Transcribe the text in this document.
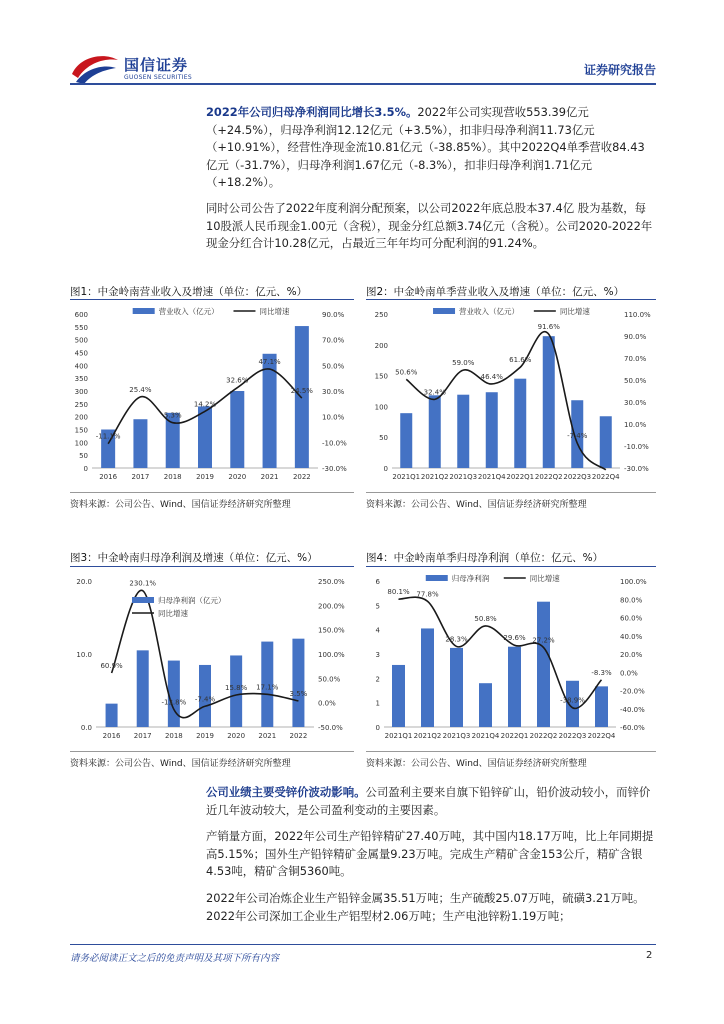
国信证券
GUOSEN SECURITIES
证券研究报告
2022年公司归母净利润同比增长3.5%。2022年公司实现营收553.39亿元（+24.5%），归母净利润12.12亿元（+3.5%），扣非归母净利润11.73亿元（+10.91%），经营性净现金流10.81亿元（-38.85%）。其中2022Q4单季营收84.43亿元（-31.7%），归母净利润1.67亿元（-8.3%），扣非归母净利润1.71亿元（+18.2%）。
同时公司公告了2022年度利润分配预案，以公司2022年底总股本37.4亿 股为基数，每10股派人民币现金1.00元（含税），现金分红总额3.74亿元（含税）。公司2020-2022年现金分红合计10.28亿元，占最近三年年均可分配利润的91.24%。
图1：中金岭南营业收入及增速（单位：亿元、%）	图2：中金岭南单季营业收入及增速（单位：亿元、%）
0
50
100
150
200
250
300
350
400
450
500
550
600
-30.0%
-10.0%
10.0%
30.0%
50.0%
70.0%
90.0%
2016 2017 2018 2019 2020 2021 2022
-11.1%
25.4%
5.3%
14.2%
32.6%
47.1%
24.5%
营业收入（亿元）	同比增速
0
50
100
150
200
250
-30.0%
-10.0%
10.0%
30.0%
50.0%
70.0%
90.0%
110.0%
2021Q1 2021Q2 2021Q3 2021Q4 2022Q1 2022Q2 2022Q3 2022Q4
50.6%
32.4%
59.0%
46.4%
61.6%
91.6%
-7.4%
营业收入（亿元）	同比增速
资料来源：公司公告、Wind、国信证券经济研究所整理	资料来源：公司公告、Wind、国信证券经济研究所整理
图3：中金岭南归母净利润及增速（单位：亿元、%）	图4：中金岭南单季归母净利润（单位：亿元、%）
0.0
10.0
20.0
-50.0%
0.0%
50.0%
100.0%
150.0%
200.0%
250.0%
2016 2017 2018 2019 2020 2021 2022
60.9%
230.1%
-13.8% -7.4%
15.8% 17.1%
3.5%
归母净利润（亿元）
同比增速
0
1
2
3
4
5
6
-60.0%
-40.0%
-20.0%
0.0%
20.0%
40.0%
60.0%
80.0%
100.0%
2021Q1 2021Q2 2021Q3 2021Q4 2022Q1 2022Q2 2022Q3 2022Q4
80.1% 77.8%
28.3%
50.8%
29.6% 27.2%
-38.9%
-8.3%
归母净利润	同比增速
资料来源：公司公告、Wind、国信证券经济研究所整理	资料来源：公司公告、Wind、国信证券经济研究所整理
公司业绩主要受锌价波动影响。公司盈利主要来自旗下铅锌矿山，铅价波动较小，而锌价近几年波动较大，是公司盈利变动的主要因素。
产销量方面，2022年公司生产铅锌精矿27.40万吨，其中国内18.17万吨，比上年同期提高5.15%；国外生产铅锌精矿金属量9.23万吨。完成生产精矿含金153公斤，精矿含银4.53吨，精矿含铜5360吨。
2022年公司冶炼企业生产铅锌金属35.51万吨；生产硫酸25.07万吨，硫磺3.21万吨。2022年公司深加工企业生产铝型材2.06万吨；生产电池锌粉1.19万吨；
请务必阅读正文之后的免责声明及其项下所有内容	2
